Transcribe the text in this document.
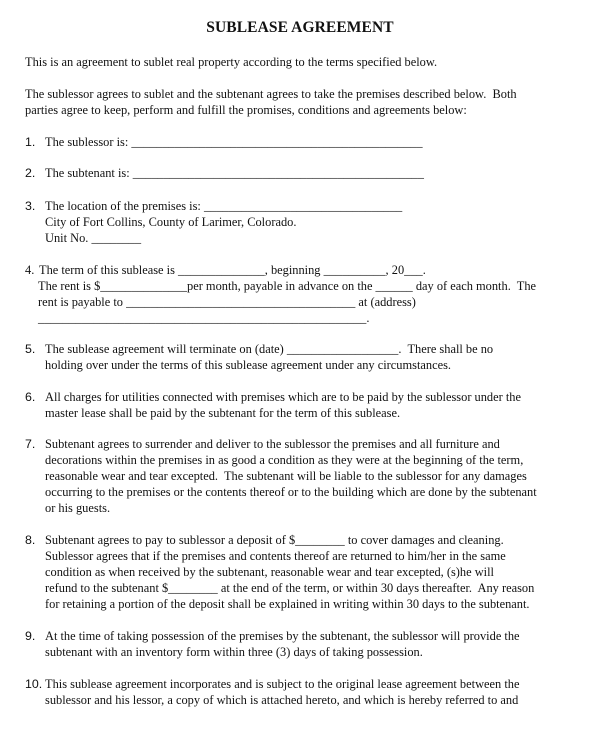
SUBLEASE AGREEMENT
This is an agreement to sublet real property according to the terms specified below.
The sublessor agrees to sublet and the subtenant agrees to take the premises described below.  Both
parties agree to keep, perform and fulfill the promises, conditions and agreements below:
1. The sublessor is: _______________________________________________
2. The subtenant is: _______________________________________________
3. The location of the premises is: ________________________________
City of Fort Collins, County of Larimer, Colorado.
Unit No. ________
4. The term of this sublease is ______________, beginning __________, 20___.
The rent is $______________per month, payable in advance on the ______ day of each month.  The
rent is payable to _____________________________________ at (address)
_____________________________________________________.
5. The sublease agreement will terminate on (date) __________________.  There shall be no
holding over under the terms of this sublease agreement under any circumstances.
6. All charges for utilities connected with premises which are to be paid by the sublessor under the
master lease shall be paid by the subtenant for the term of this sublease.
7. Subtenant agrees to surrender and deliver to the sublessor the premises and all furniture and
decorations within the premises in as good a condition as they were at the beginning of the term,
reasonable wear and tear excepted.  The subtenant will be liable to the sublessor for any damages
occurring to the premises or the contents thereof or to the building which are done by the subtenant
or his guests.
8. Subtenant agrees to pay to sublessor a deposit of $________ to cover damages and cleaning.
Sublessor agrees that if the premises and contents thereof are returned to him/her in the same
condition as when received by the subtenant, reasonable wear and tear excepted, (s)he will
refund to the subtenant $________ at the end of the term, or within 30 days thereafter.  Any reason
for retaining a portion of the deposit shall be explained in writing within 30 days to the subtenant.
9. At the time of taking possession of the premises by the subtenant, the sublessor will provide the
subtenant with an inventory form within three (3) days of taking possession.
10. This sublease agreement incorporates and is subject to the original lease agreement between the
sublessor and his lessor, a copy of which is attached hereto, and which is hereby referred to and
